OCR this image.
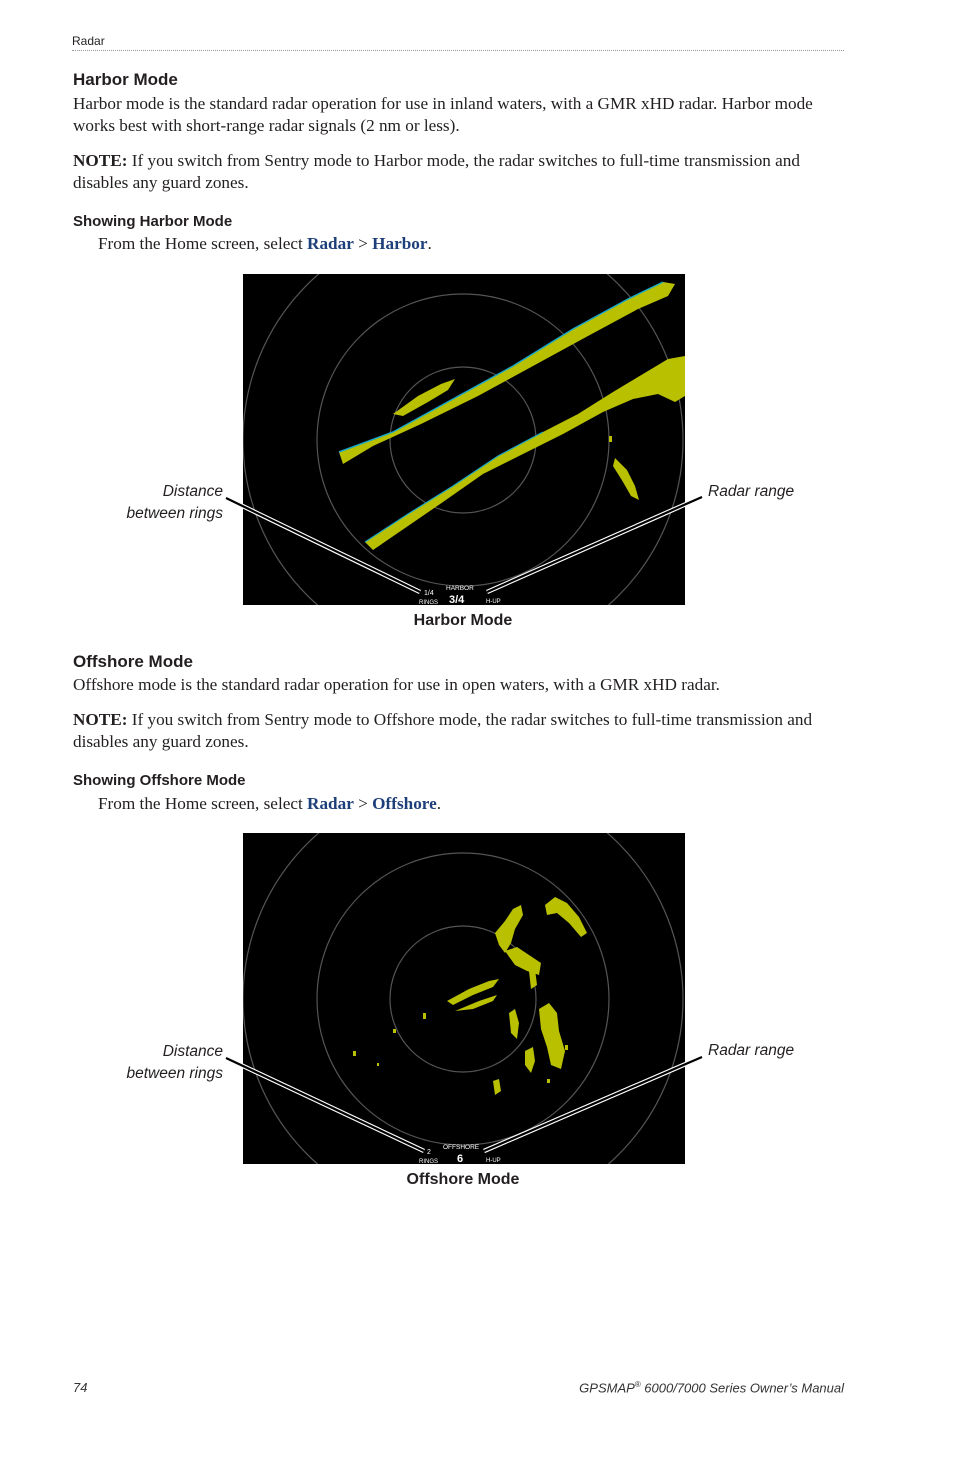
Radar
Harbor Mode
Harbor mode is the standard radar operation for use in inland waters, with a GMR xHD radar. Harbor mode works best with short-range radar signals (2 nm or less).
NOTE: If you switch from Sentry mode to Harbor mode, the radar switches to full-time transmission and disables any guard zones.
Showing Harbor Mode
From the Home screen, select Radar > Harbor.
1/4
RINGS
HARBOR
3/4	H-UP
Distance
between rings
Radar range
Harbor Mode
Offshore Mode
Offshore mode is the standard radar operation for use in open waters, with a GMR xHD radar.
NOTE: If you switch from Sentry mode to Offshore mode, the radar switches to full-time transmission and disables any guard zones.
Showing Offshore Mode
From the Home screen, select Radar > Offshore.
2
RINGS
OFFSHORE
6	H-UP
Distance
between rings
Radar range
Offshore Mode
74	GPSMAP® 6000/7000 Series Owner’s Manual
